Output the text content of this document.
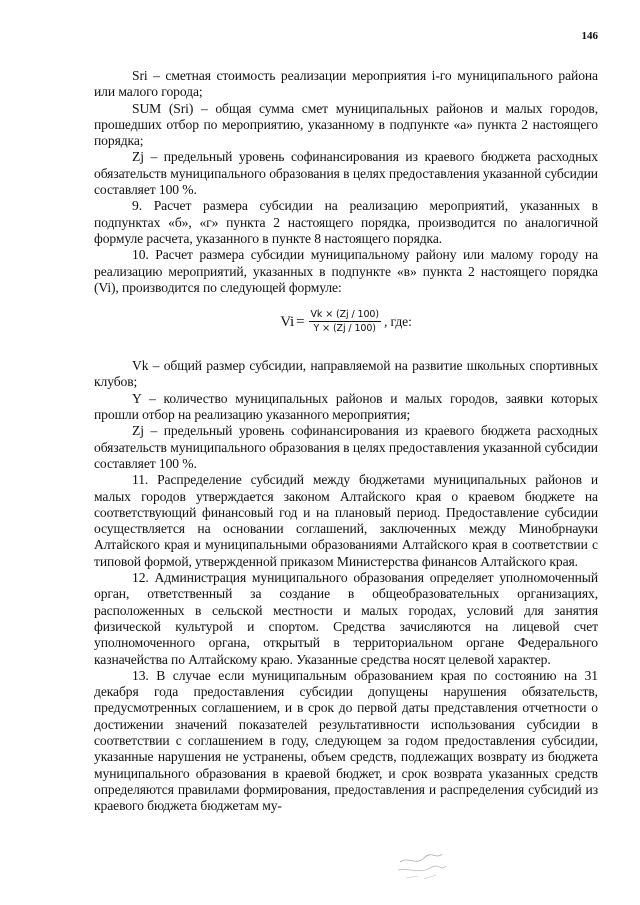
146

Sri – сметная стоимость реализации мероприятия i-го муниципального района или малого города;

SUM (Sri) – общая сумма смет муниципальных районов и малых городов, прошедших отбор по мероприятию, указанному в подпункте «а» пункта 2 настоящего порядка;

Zj – предельный уровень софинансирования из краевого бюджета расходных обязательств муниципального образования в целях предоставления указанной субсидии составляет 100 %.

9. Расчет размера субсидии на реализацию мероприятий, указанных в подпунктах «б», «г» пункта 2 настоящего порядка, производится по аналогичной формуле расчета, указанного в пункте 8 настоящего порядка.

10. Расчет размера субсидии муниципальному району или малому городу на реализацию мероприятий, указанных в подпункте «в» пункта 2 настоящего порядка (Vi), производится по следующей формуле:

$Vi = \frac{Vk \times (Zj / 100)}{Y \times (Zj / 100)}$ , где:

Vk – общий размер субсидии, направляемой на развитие школьных спортивных клубов;

Y – количество муниципальных районов и малых городов, заявки которых прошли отбор на реализацию указанного мероприятия;

Zj – предельный уровень софинансирования из краевого бюджета расходных обязательств муниципального образования в целях предоставления указанной субсидии составляет 100 %.

11. Распределение субсидий между бюджетами муниципальных районов и малых городов утверждается законом Алтайского края о краевом бюджете на соответствующий финансовый год и на плановый период. Предоставление субсидии осуществляется на основании соглашений, заключенных между Минобрнауки Алтайского края и муниципальными образованиями Алтайского края в соответствии с типовой формой, утвержденной приказом Министерства финансов Алтайского края.

12. Администрация муниципального образования определяет уполномоченный орган, ответственный за создание в общеобразовательных организациях, расположенных в сельской местности и малых городах, условий для занятия физической культурой и спортом. Средства зачисляются на лицевой счет уполномоченного органа, открытый в территориальном органе Федерального казначейства по Алтайскому краю. Указанные средства носят целевой характер.

13. В случае если муниципальным образованием края по состоянию на 31 декабря года предоставления субсидии допущены нарушения обязательств, предусмотренных соглашением, и в срок до первой даты представления отчетности о достижении значений показателей результативности использования субсидии в соответствии с соглашением в году, следующем за годом предоставления субсидии, указанные нарушения не устранены, объем средств, подлежащих возврату из бюджета муниципального образования в краевой бюджет, и срок возврата указанных средств определяются правилами формирования, предоставления и распределения субсидий из краевого бюджета бюджетам му-
